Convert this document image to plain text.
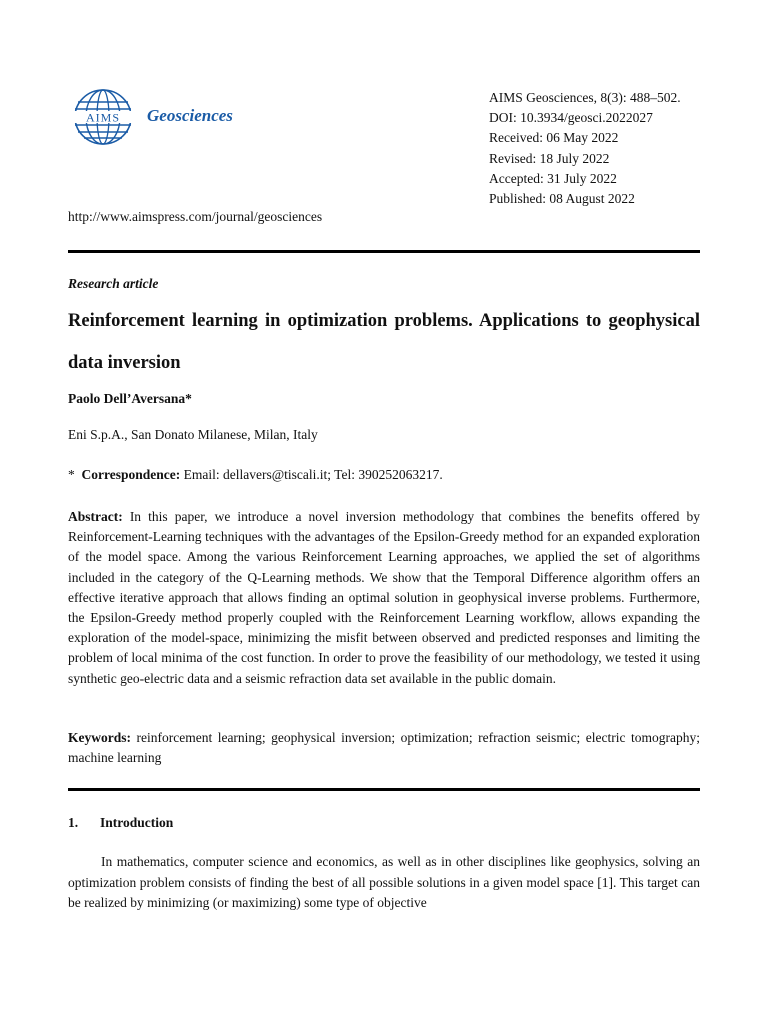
AIMS Geosciences
AIMS Geosciences, 8(3): 488–502.
DOI: 10.3934/geosci.2022027
Received: 06 May 2022
Revised: 18 July 2022
Accepted: 31 July 2022
Published: 08 August 2022
http://www.aimspress.com/journal/geosciences
Research article
Reinforcement learning in optimization problems. Applications to geophysical data inversion
Paolo Dell’Aversana*
Eni S.p.A., San Donato Milanese, Milan, Italy
*  Correspondence: Email: dellavers@tiscali.it; Tel: 390252063217.
Abstract: In this paper, we introduce a novel inversion methodology that combines the benefits offered by Reinforcement-Learning techniques with the advantages of the Epsilon-Greedy method for an expanded exploration of the model space. Among the various Reinforcement Learning approaches, we applied the set of algorithms included in the category of the Q-Learning methods. We show that the Temporal Difference algorithm offers an effective iterative approach that allows finding an optimal solution in geophysical inverse problems. Furthermore, the Epsilon-Greedy method properly coupled with the Reinforcement Learning workflow, allows expanding the exploration of the model-space, minimizing the misfit between observed and predicted responses and limiting the problem of local minima of the cost function. In order to prove the feasibility of our methodology, we tested it using synthetic geo-electric data and a seismic refraction data set available in the public domain.
Keywords: reinforcement learning; geophysical inversion; optimization; refraction seismic; electric tomography; machine learning
1. Introduction
In mathematics, computer science and economics, as well as in other disciplines like geophysics, solving an optimization problem consists of finding the best of all possible solutions in a given model space [1]. This target can be realized by minimizing (or maximizing) some type of objective
